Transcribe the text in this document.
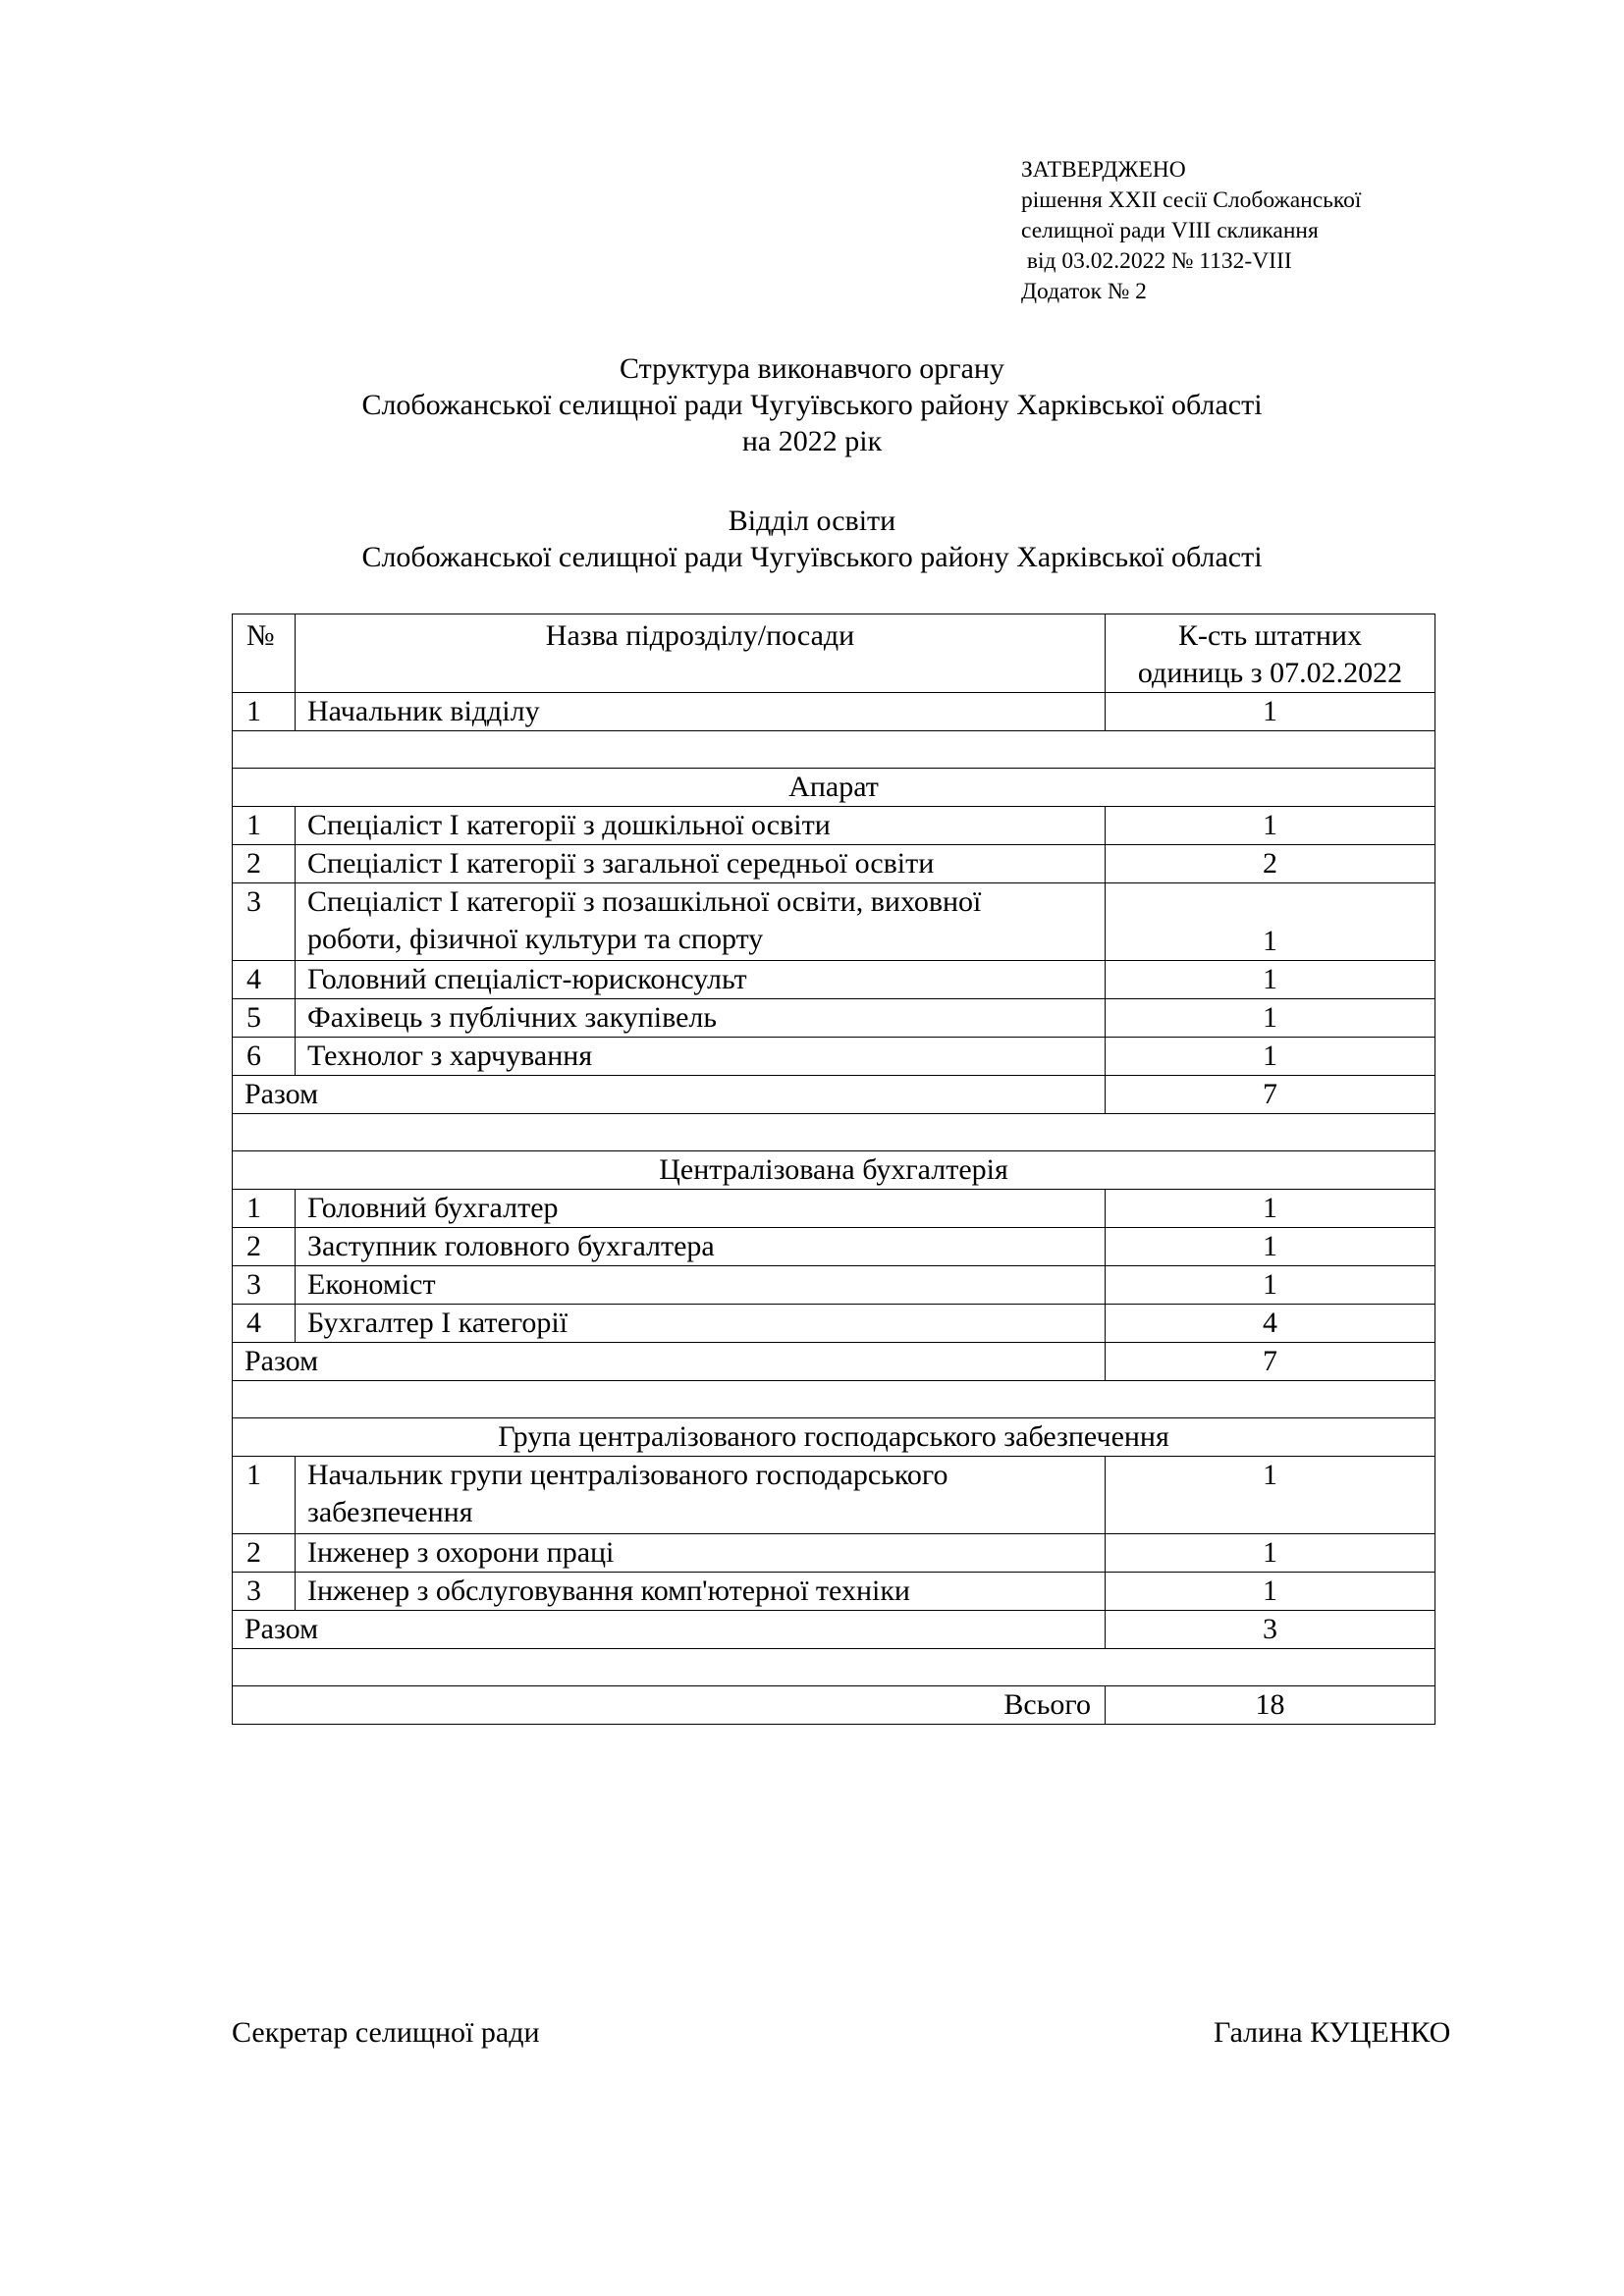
ЗАТВЕРДЖЕНО
рішення XXII сесії Слобожанської
селищної ради VIII скликання
від 03.02.2022 № 1132-VIII
Додаток № 2
Структура виконавчого органу
Слобожанської селищної ради Чугуївського району Харківської області
на 2022 рік
Відділ освіти
Слобожанської селищної ради Чугуївського району Харківської області
№	Назва підрозділу/посади	К-сть штатних
одиниць з 07.02.2022
1	Начальник відділу	1

Апарат		
1	Спеціаліст І категорії з дошкільної освіти	1
2	Спеціаліст І категорії з загальної середньої освіти	2
3	Спеціаліст І категорії з позашкільної освіти, виховної
роботи, фізичної культури та спорту	1
4	Головний спеціаліст-юрисконсульт	1
5	Фахівець з публічних закупівель	1
6	Технолог з харчування	1
Разом		7

Централізована бухгалтерія		
1	Головний бухгалтер	1
2	Заступник головного бухгалтера	1
3	Економіст	1
4	Бухгалтер І категорії	4
Разом		7

Група централізованого господарського забезпечення		
1	Начальник групи централізованого господарського
забезпечення	1
2	Інженер з охорони праці	1
3	Інженер з обслуговування комп'ютерної техніки	1
Разом		3

Всього		18
Секретар селищної ради	Галина КУЦЕНКО
